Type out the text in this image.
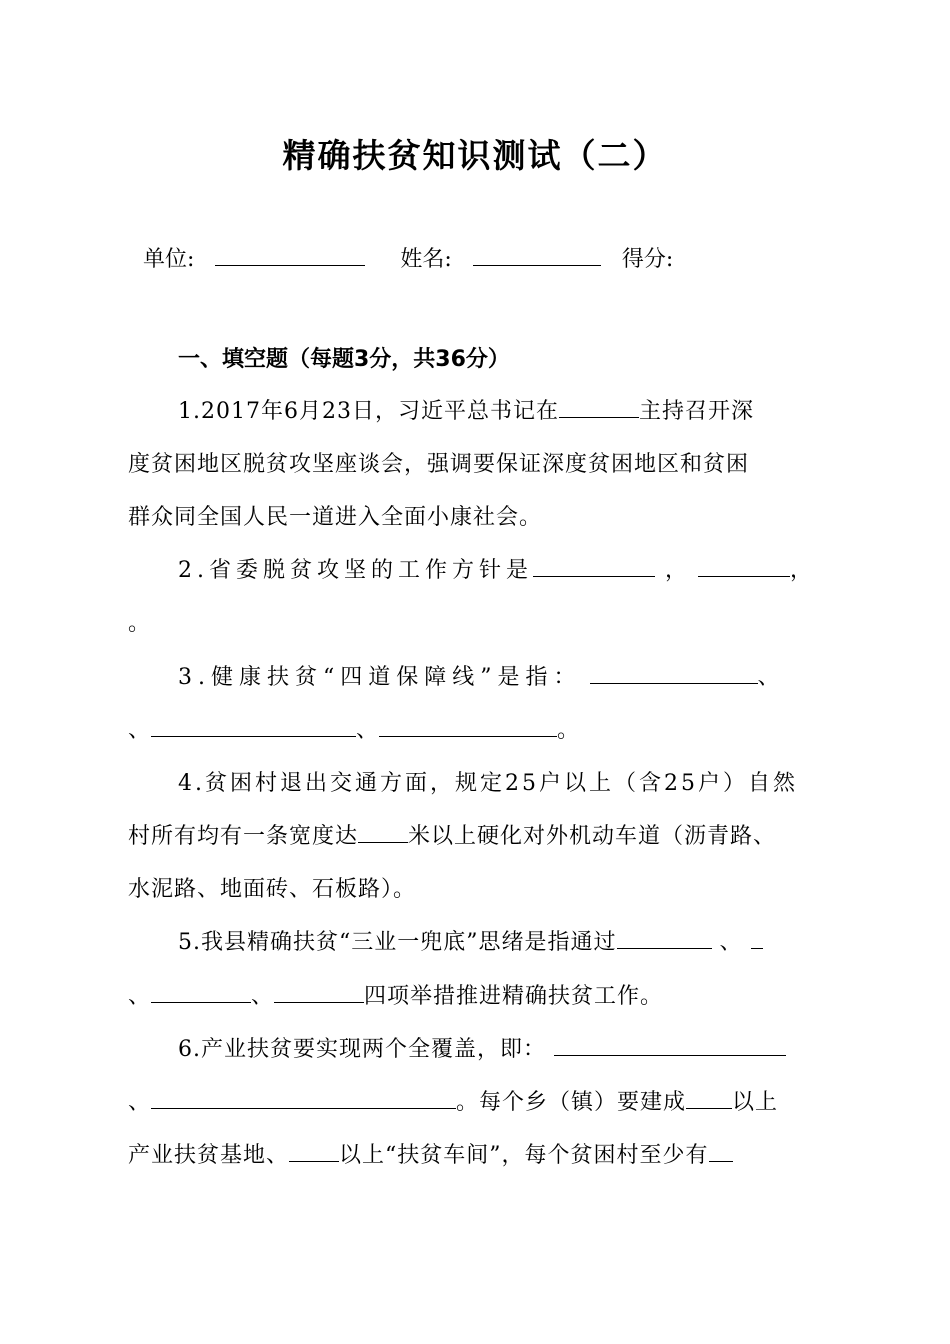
精确扶贫知识测试（二）
单位:	姓名:	得分:
一、填空题（每题3分，共36分）
1.2017年6月23日，习近平总书记在	主持召开深
度贫困地区脱贫攻坚座谈会，强调要保证深度贫困地区和贫困
群众同全国人民一道进入全面小康社会。
2.省委脱贫攻坚的工作方针是	，	，
。
3.健康扶贫“四道保障线”是指：	、
、	、	。
4.贫困村退出交通方面，规定25户以上（含25户）自然
村所有均有一条宽度达 米以上硬化对外机动车道（沥青路、
水泥路、地面砖、石板路）。
5.我县精确扶贫“三业一兜底”思绪是指通过	、
、	、	四项举措推进精确扶贫工作。
6.产业扶贫要实现两个全覆盖，即：
、	。每个乡（镇）要建成 以上
产业扶贫基地、 以上“扶贫车间”，每个贫困村至少有
